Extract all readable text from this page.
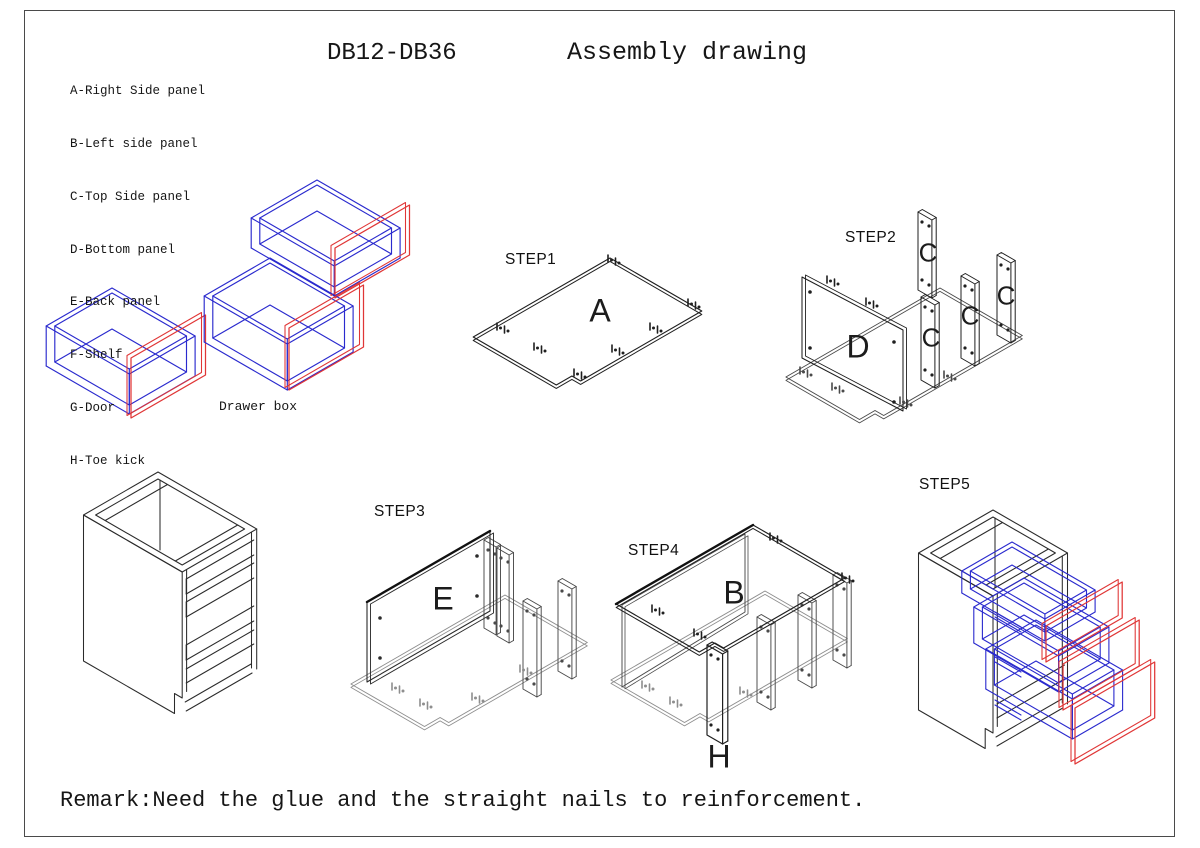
DB12-DB36	Assembly drawing

A-Right Side panel

B-Left side panel

C-Top Side panel

D-Bottom panel

E-Back panel

F-Shelf

G-Door

H-Toe kick

Drawer box
STEP1
STEP2
STEP3
STEP4
STEP5
A
D
C
C
C
C
E	B
H
Remark:Need the glue and the straight nails to reinforcement.
